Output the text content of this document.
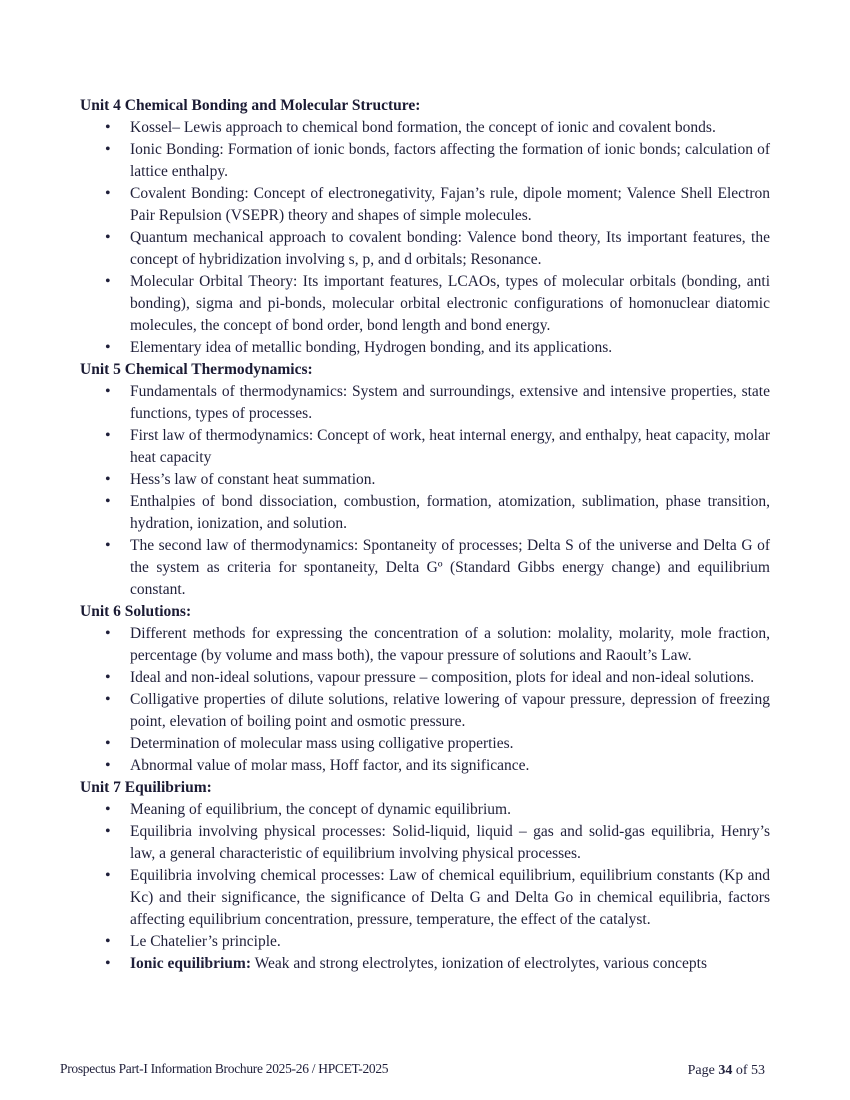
Unit 4 Chemical Bonding and Molecular Structure:
• Kossel– Lewis approach to chemical bond formation, the concept of ionic and covalent bonds.
• Ionic Bonding: Formation of ionic bonds, factors affecting the formation of ionic bonds; calculation of lattice enthalpy.
• Covalent Bonding: Concept of electronegativity, Fajan’s rule, dipole moment; Valence Shell Electron Pair Repulsion (VSEPR) theory and shapes of simple molecules.
• Quantum mechanical approach to covalent bonding: Valence bond theory, Its important features, the concept of hybridization involving s, p, and d orbitals; Resonance.
• Molecular Orbital Theory: Its important features, LCAOs, types of molecular orbitals (bonding, anti bonding), sigma and pi-bonds, molecular orbital electronic configurations of homonuclear diatomic molecules, the concept of bond order, bond length and bond energy.
• Elementary idea of metallic bonding, Hydrogen bonding, and its applications.
Unit 5 Chemical Thermodynamics:
• Fundamentals of thermodynamics: System and surroundings, extensive and intensive properties, state functions, types of processes.
• First law of thermodynamics: Concept of work, heat internal energy, and enthalpy, heat capacity, molar heat capacity
• Hess’s law of constant heat summation.
• Enthalpies of bond dissociation, combustion, formation, atomization, sublimation, phase transition, hydration, ionization, and solution.
• The second law of thermodynamics: Spontaneity of processes; Delta S of the universe and Delta G of the system as criteria for spontaneity, Delta Gº (Standard Gibbs energy change) and equilibrium constant.
Unit 6 Solutions:
• Different methods for expressing the concentration of a solution: molality, molarity, mole fraction, percentage (by volume and mass both), the vapour pressure of solutions and Raoult’s Law.
• Ideal and non-ideal solutions, vapour pressure – composition, plots for ideal and non-ideal solutions.
• Colligative properties of dilute solutions, relative lowering of vapour pressure, depression of freezing point, elevation of boiling point and osmotic pressure.
• Determination of molecular mass using colligative properties.
• Abnormal value of molar mass, Hoff factor, and its significance.
Unit 7 Equilibrium:
• Meaning of equilibrium, the concept of dynamic equilibrium.
• Equilibria involving physical processes: Solid-liquid, liquid – gas and solid-gas equilibria, Henry’s law, a general characteristic of equilibrium involving physical processes.
• Equilibria involving chemical processes: Law of chemical equilibrium, equilibrium constants (Kp and Kc) and their significance, the significance of Delta G and Delta Go in chemical equilibria, factors affecting equilibrium concentration, pressure, temperature, the effect of the catalyst.
• Le Chatelier’s principle.
• Ionic equilibrium: Weak and strong electrolytes, ionization of electrolytes, various concepts
Prospectus Part-I Information Brochure 2025-26 / HPCET-2025	Page 34 of 53
